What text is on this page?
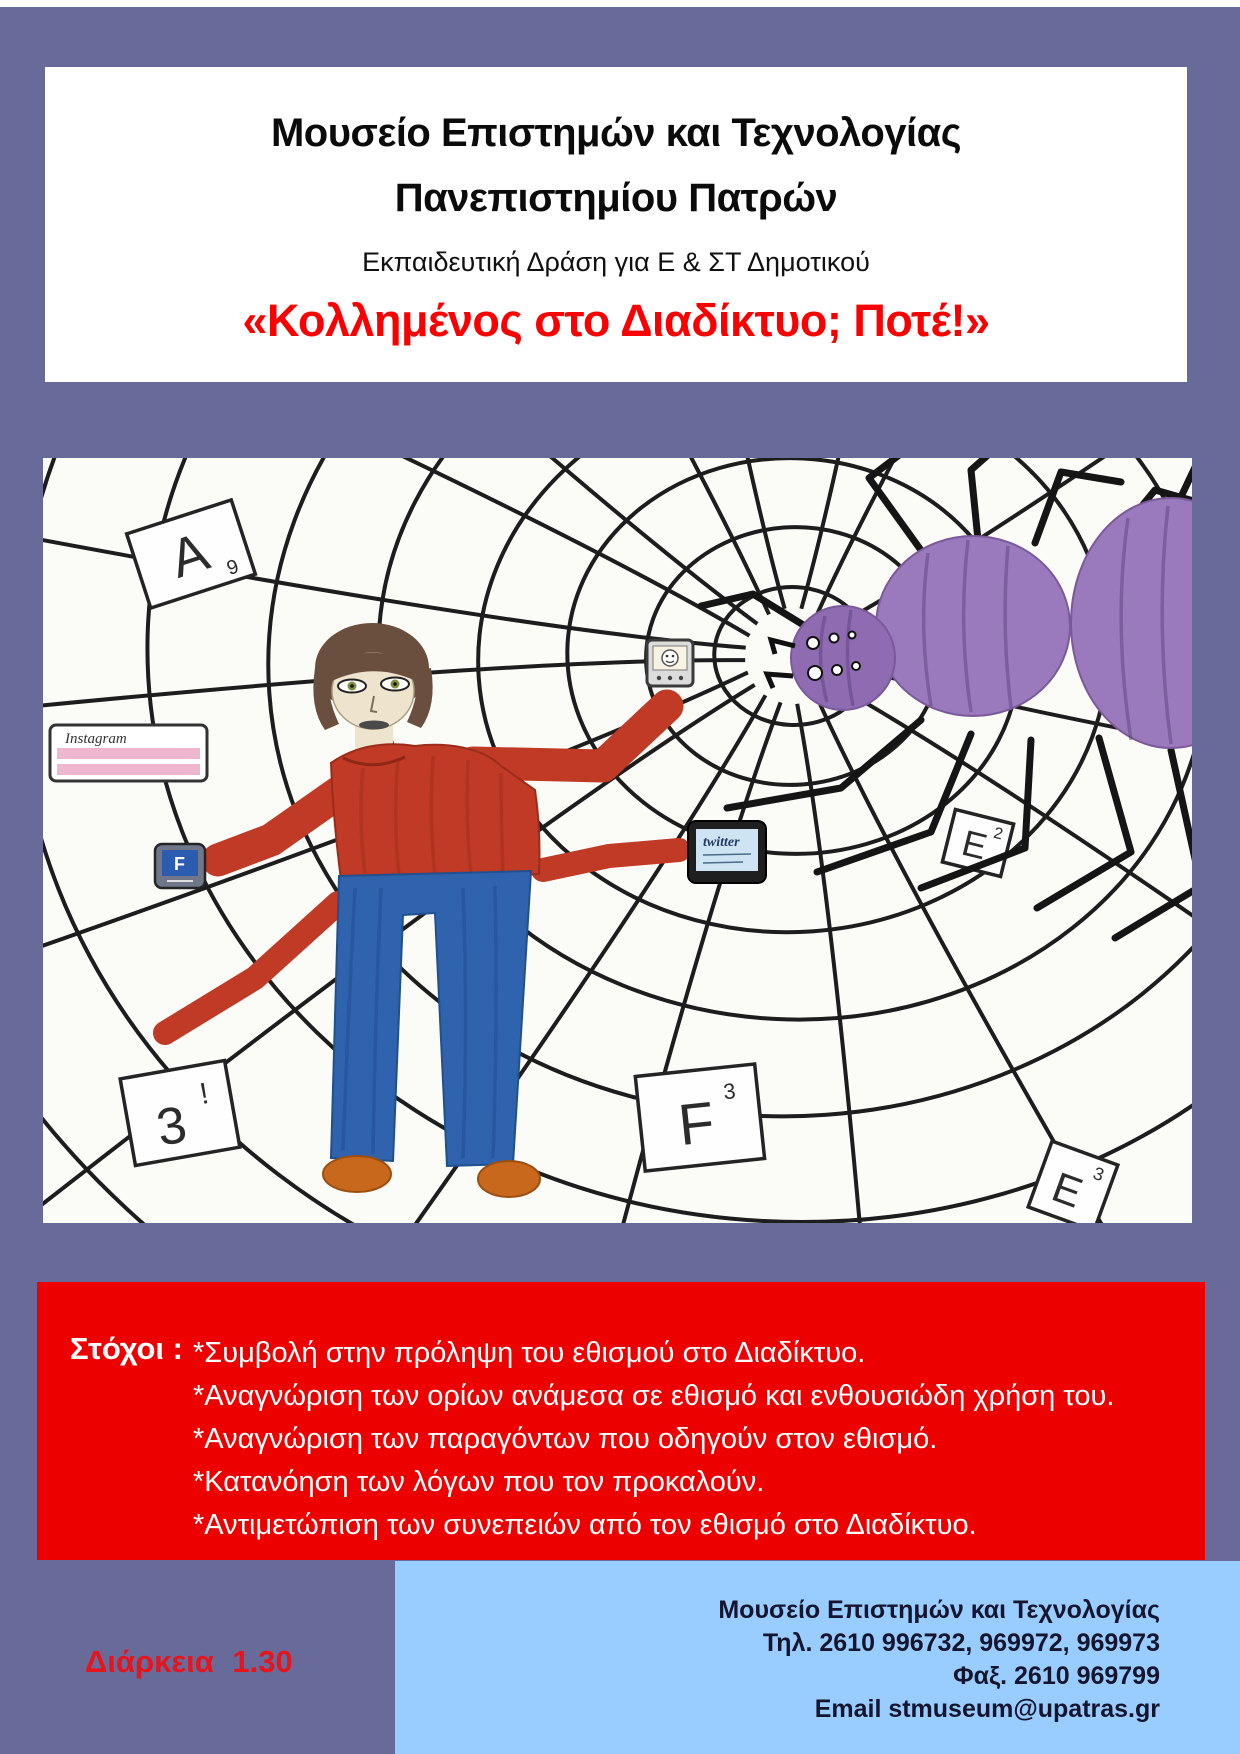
Μουσείο Επιστημών και Τεχνολογίας
Πανεπιστημίου Πατρών
Εκπαιδευτική Δράση για Ε & ΣΤ Δημοτικού
«Κολλημένος στο Διαδίκτυο; Ποτέ!»
A 9
E 2
F 3
3
!
E 3
Instagram
twitter
F
Στόχοι : *Συμβολή στην πρόληψη του εθισμού στο Διαδίκτυο.
*Αναγνώριση των ορίων ανάμεσα σε εθισμό και ενθουσιώδη χρήση του.
*Αναγνώριση των παραγόντων που οδηγούν στον εθισμό.
*Κατανόηση των λόγων που τον προκαλούν.
*Αντιμετώπιση των συνεπειών από τον εθισμό στο Διαδίκτυο.
Διάρκεια 1.30
Μουσείο Επιστημών και Τεχνολογίας
Τηλ. 2610 996732, 969972, 969973
Φαξ. 2610 969799
Email stmuseum@upatras.gr
